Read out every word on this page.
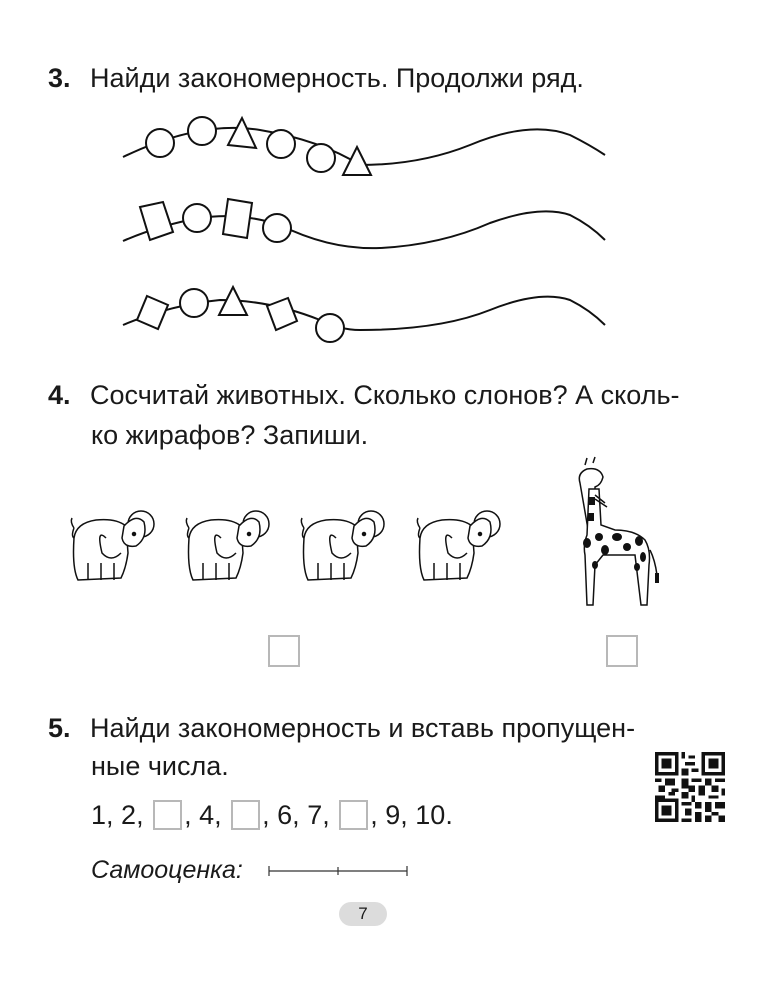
3. Найди закономерность. Продолжи ряд.
4. Сосчитай животных. Сколько слонов? А сколь-
ко жирафов? Запиши.
5. Найди закономерность и вставь пропущен-
ные числа.
1,
2,
, 4,
, 6,
7,
, 9,
10.
Самооценка:
7
